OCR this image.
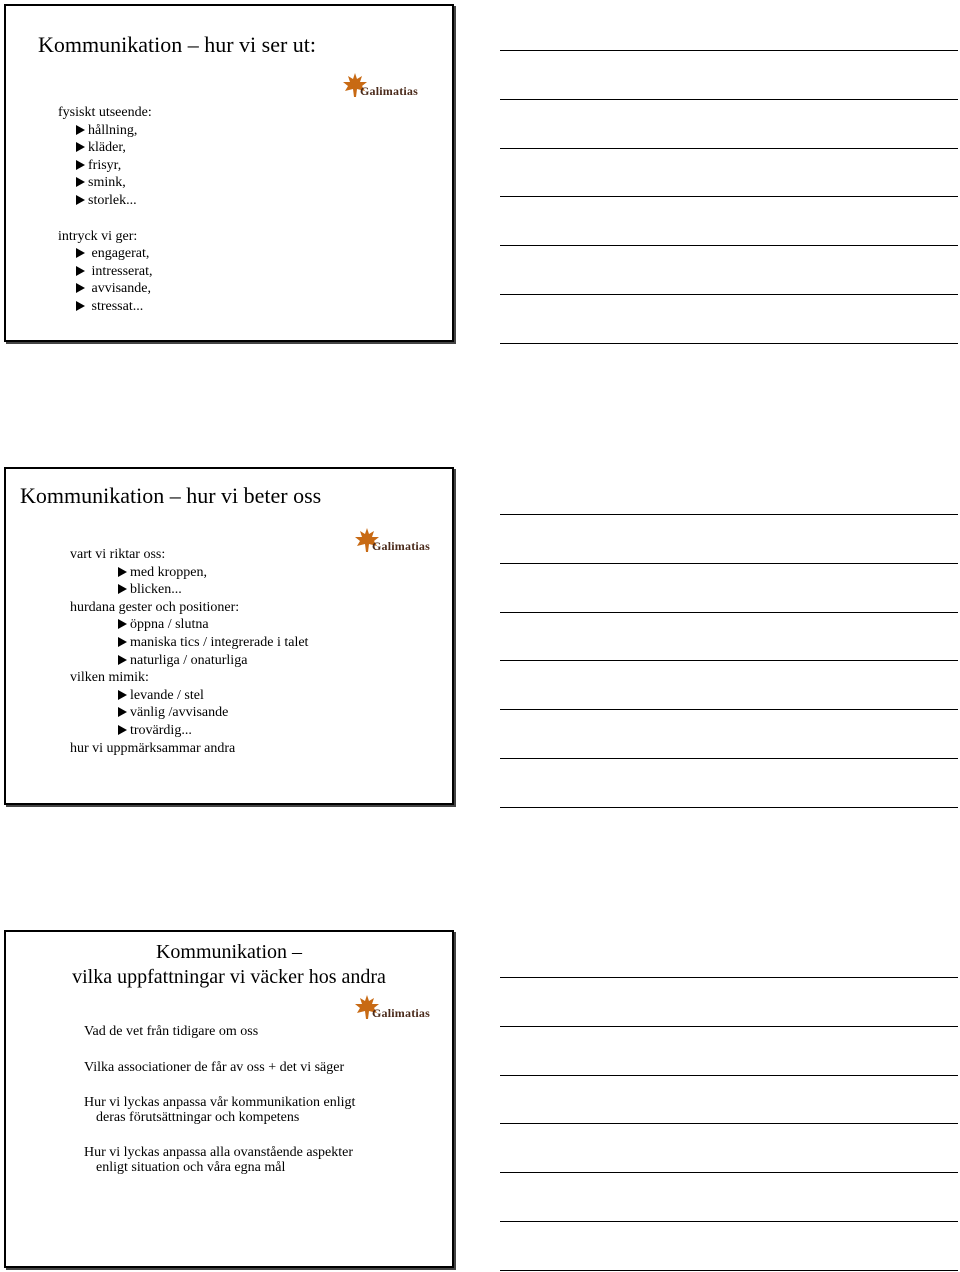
Kommunikation – hur vi ser ut:
Galimatias
fysiskt utseende:
hållning,
kläder,
frisyr,
smink,
storlek...
intryck vi ger:
engagerat,
intresserat,
avvisande,
stressat...
Kommunikation – hur vi beter oss
Galimatias
vart vi riktar oss:
med kroppen,
blicken...
hurdana gester och positioner:
öppna / slutna
maniska tics / integrerade i talet
naturliga / onaturliga
vilken mimik:
levande / stel
vänlig /avvisande
trovärdig...
hur vi uppmärksammar andra
Kommunikation –
vilka uppfattningar vi väcker hos andra
Galimatias
Vad de vet från tidigare om oss
Vilka associationer de får av oss + det vi säger
Hur vi lyckas anpassa vår kommunikation enligt
deras förutsättningar och kompetens
Hur vi lyckas anpassa alla ovanstående aspekter
enligt situation och våra egna mål
